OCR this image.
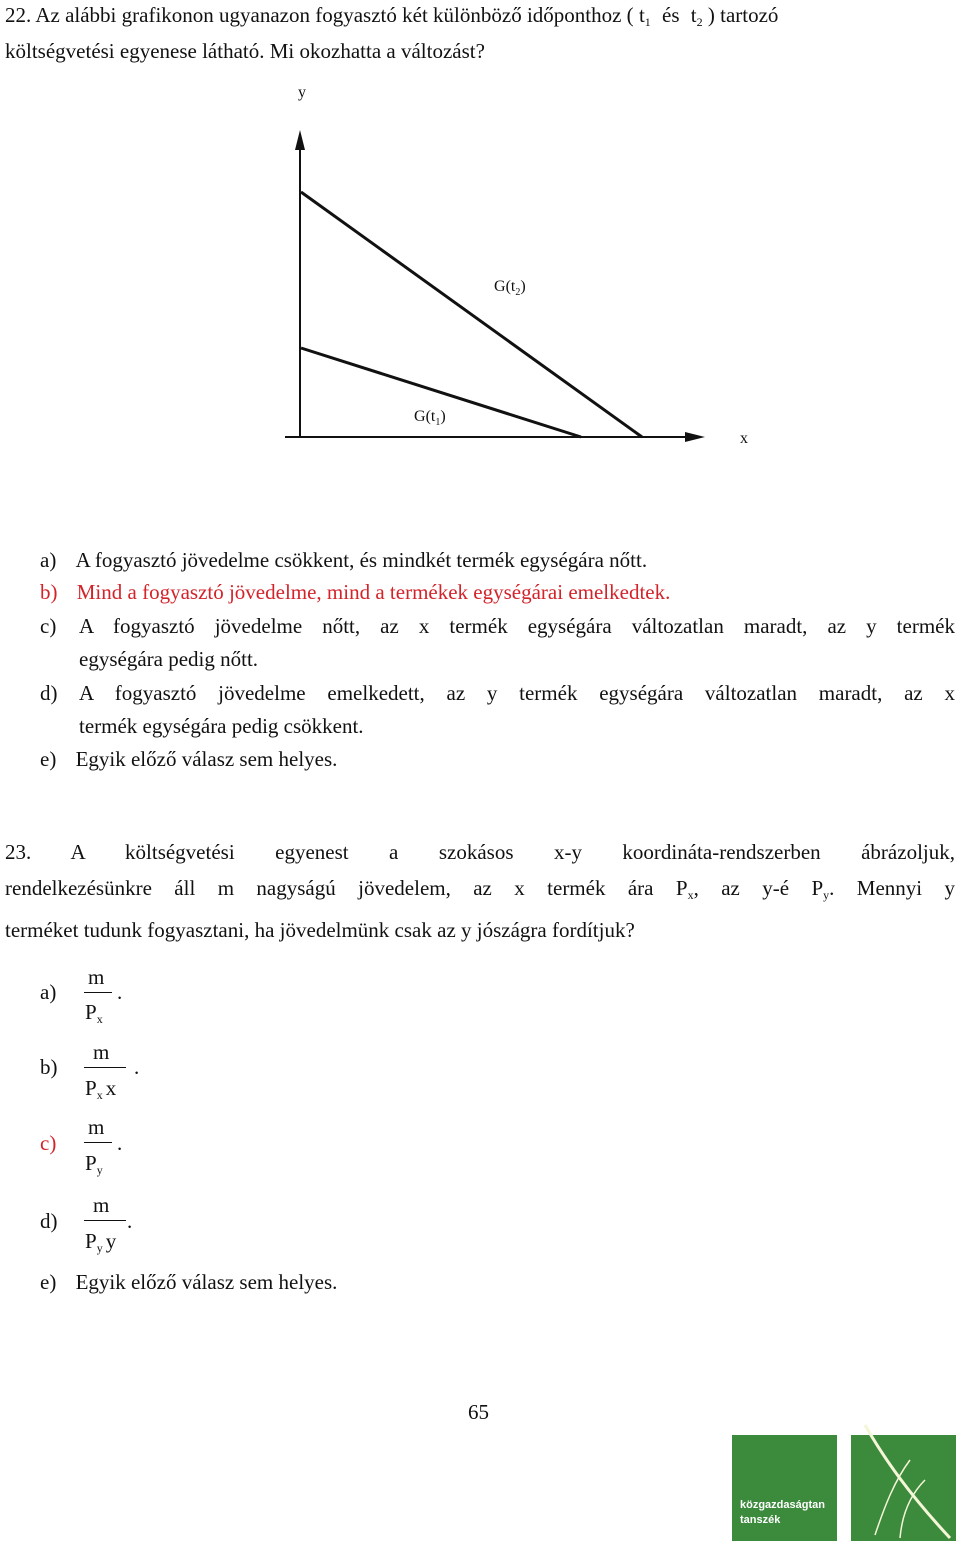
22. Az alábbi grafikonon ugyanazon fogyasztó két különböző időponthoz ( $t_1$ és $t_2$ ) tartozó
költségvetési egyenese látható. Mi okozhatta a változást?
y
x
$G(t_2)$
$G(t_1)$
a) A fogyasztó jövedelme csökkent, és mindkét termék egységára nőtt.
b) Mind a fogyasztó jövedelme, mind a termékek egységárai emelkedtek.
c)	A fogyasztó jövedelme nőtt, az x termék egységára változatlan maradt, az y termék
egységára pedig nőtt.
d) A fogyasztó jövedelme emelkedett, az y termék egységára változatlan maradt, az x
termék egységára pedig csökkent.
e) Egyik előző válasz sem helyes.
23. A költségvetési egyenest a szokásos x-y koordináta-rendszerben ábrázoljuk,
rendelkezésünkre áll m nagyságú jövedelem, az x termék ára $P_x$, az y-é $P_y$. Mennyi y
terméket tudunk fogyasztani, ha jövedelmünk csak az y jószágra fordítjuk?
a)
m
$P_x$
.
b)
m
$P_x$ x
.
c)
m
$P_y$
.
d)
m
$P_y$ y
.
e) Egyik előző válasz sem helyes.
65
közgazdaságtan
tanszék
